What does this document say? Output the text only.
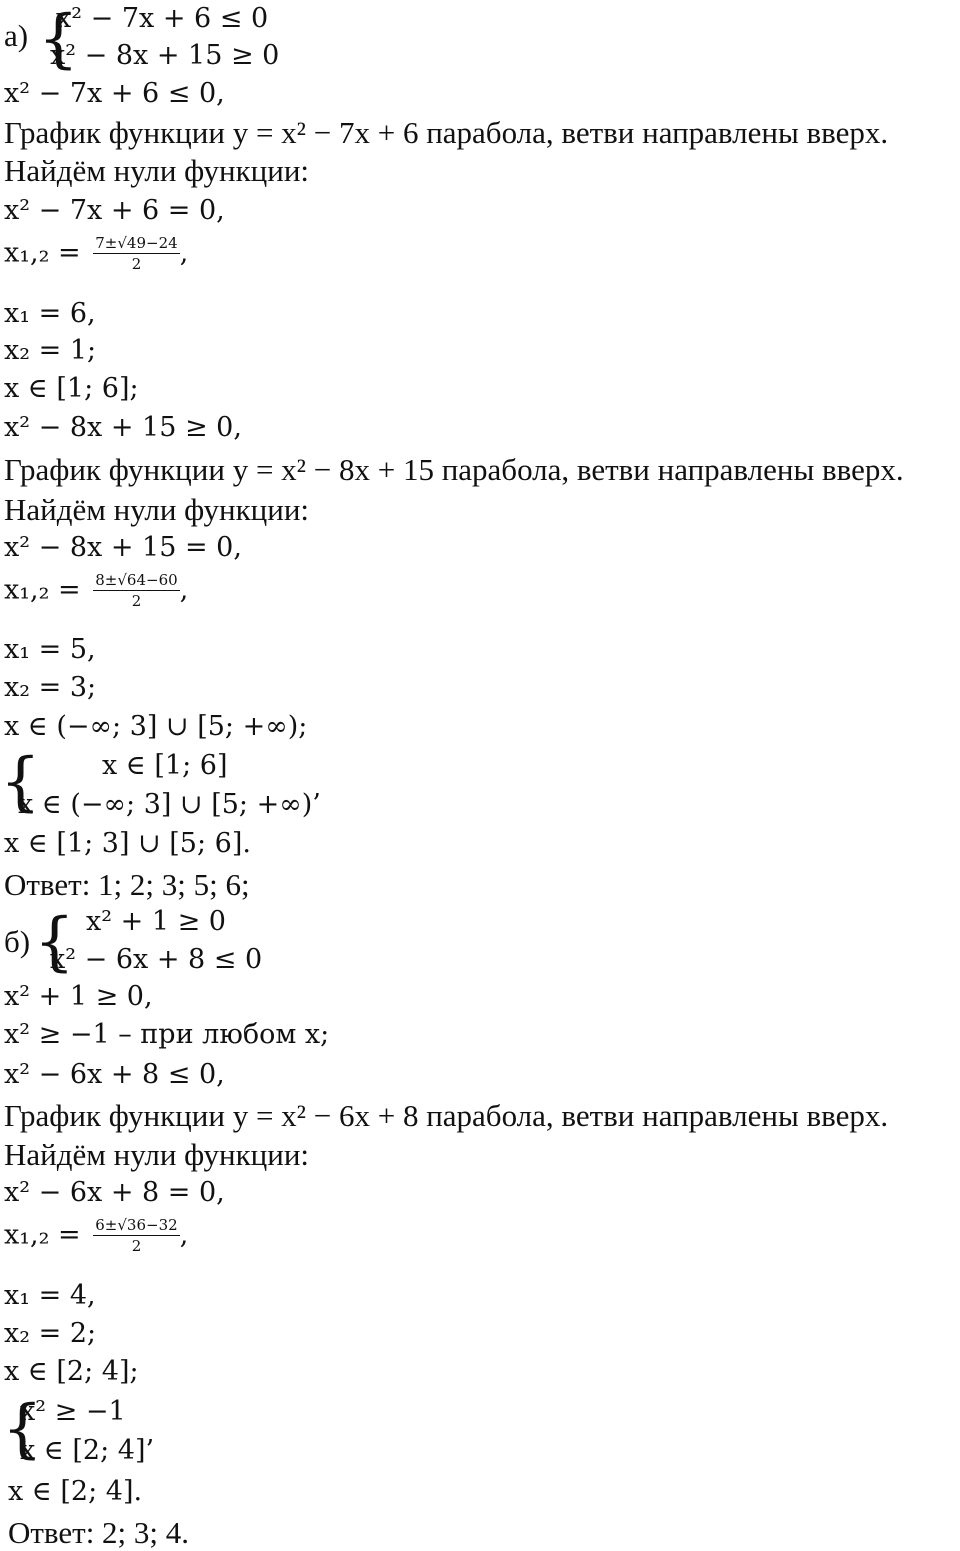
а) {
x² − 7x + 6 ≤ 0
x² − 8x + 15 ≥ 0
x² − 7x + 6 ≤ 0,
График функции y = x² − 7x + 6 парабола, ветви направлены вверх.
Найдём нули функции:
x² − 7x + 6 = 0,
$x_1,_2 = \frac{7\pm√49-24}{2}$ ,
x₁ = 6,
x₂ = 1;
x ∈ [1; 6];
x² − 8x + 15 ≥ 0,
График функции y = x² − 8x + 15 парабола, ветви направлены вверх.
Найдём нули функции:
x² − 8x + 15 = 0,
$x_1,_2 = \frac{8\pm√64-60}{2}$ ,
x₁ = 5,
x₂ = 3;
x ∈ (−∞; 3] ∪ [5; +∞);
{ x ∈ [1; 6]
x ∈ (−∞; 3] ∪ [5; +∞)’
x ∈ [1; 3] ∪ [5; 6].
Ответ: 1; 2; 3; 5; 6;
б) { x² + 1 ≥ 0
x² − 6x + 8 ≤ 0
x² + 1 ≥ 0,
x² ≥ −1 – при любом x;
x² − 6x + 8 ≤ 0,
График функции y = x² − 6x + 8 парабола, ветви направлены вверх.
Найдём нули функции:
x² − 6x + 8 = 0,
$x_1,_2 = \frac{6\pm√36-32}{2}$ ,
x₁ = 4,
x₂ = 2;
x ∈ [2; 4];
{
x² ≥ −1
x ∈ [2; 4]’
x ∈ [2; 4].
Ответ: 2; 3; 4.
